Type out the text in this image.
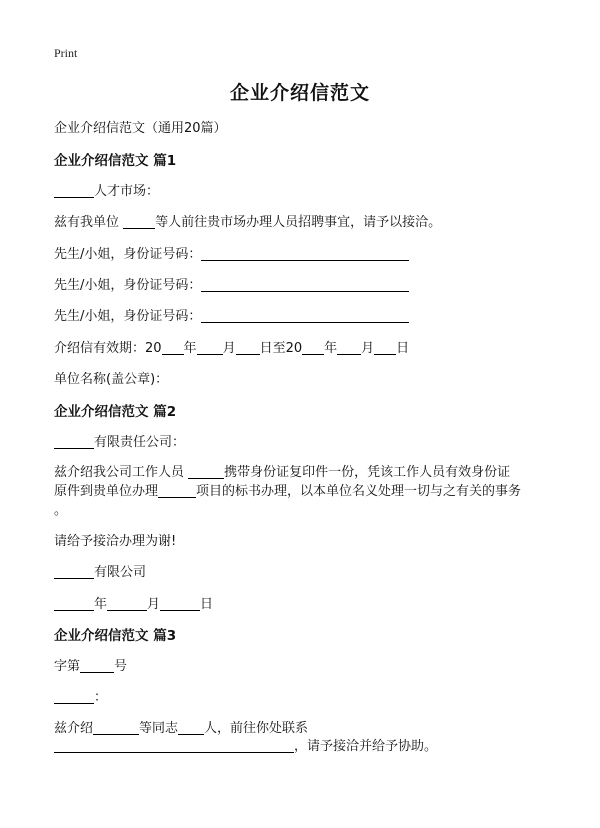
Print
企业介绍信范文
企业介绍信范文（通用20篇）
企业介绍信范文 篇1
人才市场：
兹有我单位	等人前往贵市场办理人员招聘事宜，请予以接洽。
先生/小姐，身份证号码：
先生/小姐，身份证号码：
先生/小姐，身份证号码：
介绍信有效期：20 年 月 日至20 年 月 日
单位名称(盖公章)：
企业介绍信范文 篇2
有限责任公司：
兹介绍我公司工作人员	携带身份证复印件一份，凭该工作人员有效身份证
原件到贵单位办理	项目的标书办理，以本单位名义处理一切与之有关的事务
。
请给予接洽办理为谢!
有限公司
年	月	日
企业介绍信范文 篇3
字第	号
：
兹介绍	等同志 人，前往你处联系
，请予接洽并给予协助。
